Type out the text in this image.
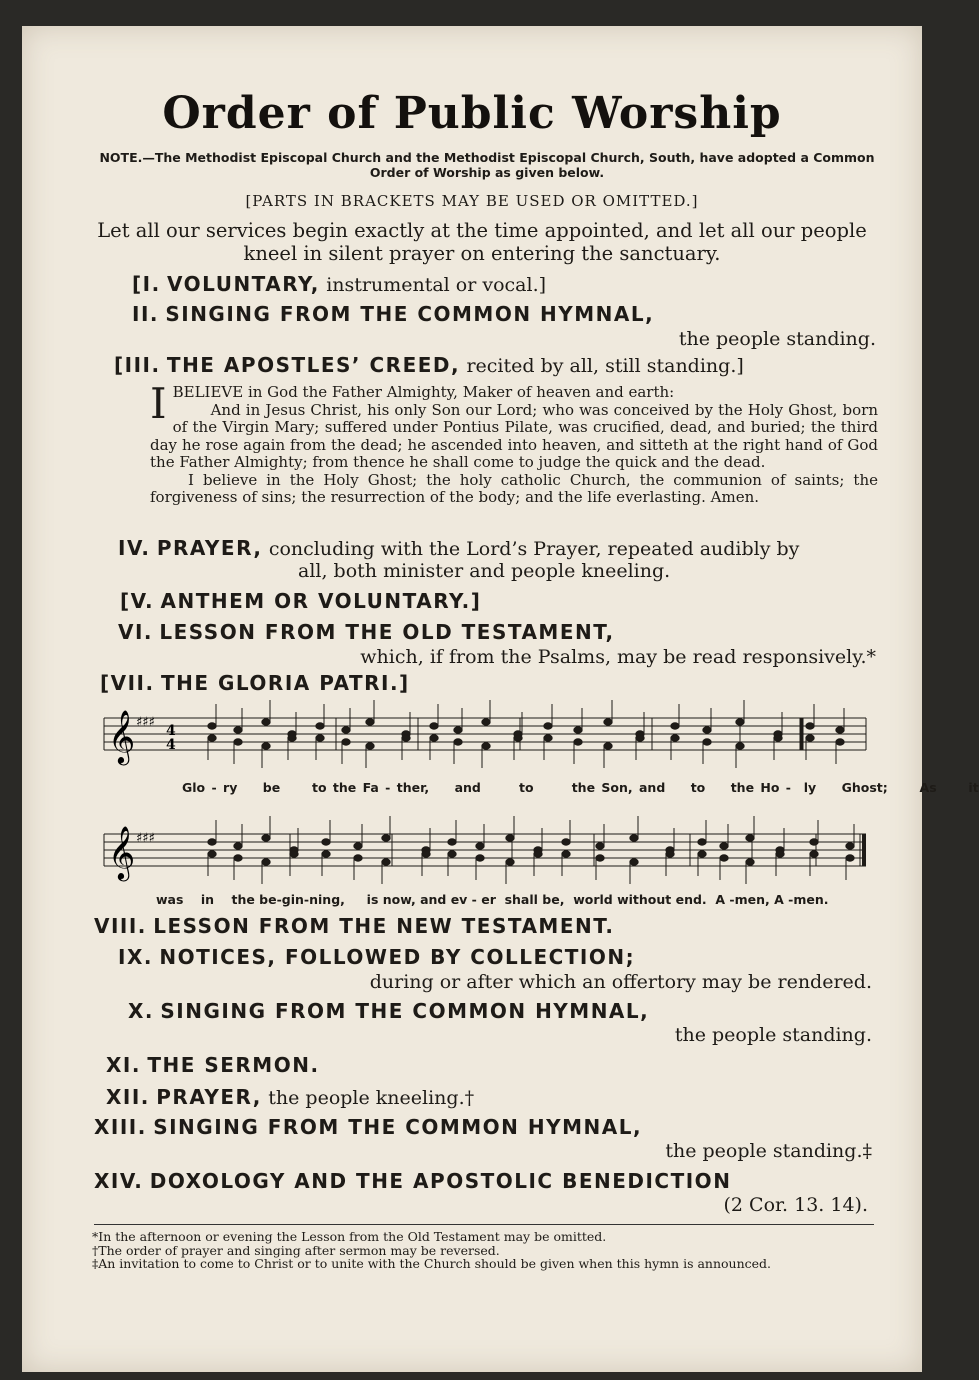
Order of Public Worship
NOTE.—The Methodist Episcopal Church and the Methodist Episcopal Church, South, have adopted a Common Order of Worship as given below.
[PARTS IN BRACKETS MAY BE USED OR OMITTED.]
Let all our services begin exactly at the time appointed, and let all our people kneel in silent prayer on entering the sanctuary.
[I. VOLUNTARY, instrumental or vocal.]
II. SINGING FROM THE COMMON HYMNAL,
the people standing.
[III. THE APOSTLES’ CREED, recited by all, still standing.]

IBELIEVE in God the Father Almighty, Maker of heaven and earth:

And in Jesus Christ, his only Son our Lord; who was conceived by the Holy Ghost, born of the Virgin Mary; suffered under Pontius Pilate, was crucified, dead, and buried; the third day he rose again from the dead; he ascended into heaven, and sitteth at the right hand of God the Father Almighty; from thence he shall come to judge the quick and the dead.

I believe in the Holy Ghost; the holy catholic Church, the communion of saints; the forgiveness of sins; the resurrection of the body; and the life everlasting. Amen.

IV. PRAYER, concluding with the Lord’s Prayer, repeated audibly by
all, both minister and people kneeling.
[V. ANTHEM OR VOLUNTARY.]
VI. LESSON FROM THE OLD TESTAMENT,
which, if from the Psalms, may be read responsively.*
[VII. THE GLORIA PATRI.]
𝄞 ♯♯♯
4
4
Glo - ry be	to the Fa - ther, and	to	the Son, and to the Ho - ly Ghost;	As	it
𝄞 ♯♯♯
was in the be-gin-ning, is now, and ev - er shall be, world without end. A -men, A -men.
VIII. LESSON FROM THE NEW TESTAMENT.
IX. NOTICES, FOLLOWED BY COLLECTION;
during or after which an offertory may be rendered.
X. SINGING FROM THE COMMON HYMNAL,
the people standing.
XI. THE SERMON.
XII. PRAYER, the people kneeling.†
XIII. SINGING FROM THE COMMON HYMNAL,
the people standing.‡
XIV. DOXOLOGY AND THE APOSTOLIC BENEDICTION
(2 Cor. 13. 14).
*In the afternoon or evening the Lesson from the Old Testament may be omitted.
†The order of prayer and singing after sermon may be reversed.
‡An invitation to come to Christ or to unite with the Church should be given when this hymn is announced.
